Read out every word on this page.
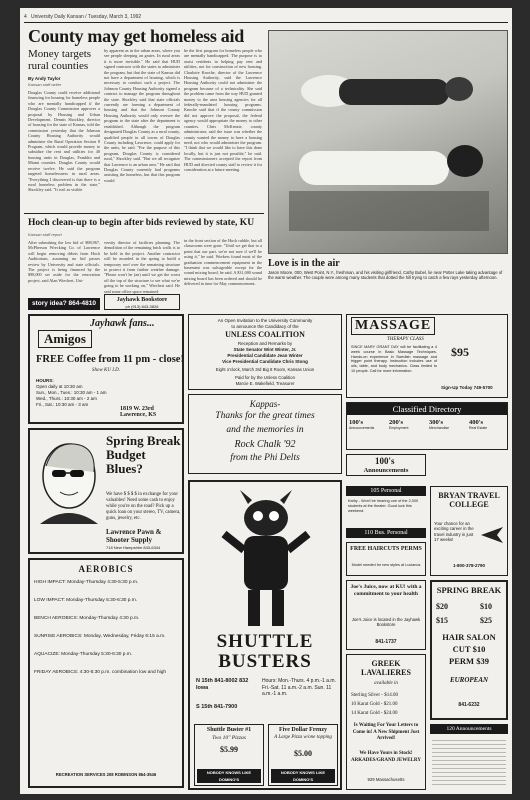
4 University Daily Kansan / Tuesday, March 3, 1992
County may get homeless aid
Money targets rural counties
By Andy Taylor
Kansan staff writer
Douglas County could receive additional financing for housing for homeless people who are mentally handicapped if the Douglas County Commission approves a proposal by Housing and Urban Development. Dennis Shockley, director of housing for the state of Kansas, told the commission yesterday that the Johnson County Housing Authority would administer the Rural Operation Section 8 Program, which would provide money to subsidize the rent and utilities for 40 housing units in Douglas, Franklin and Miami counties. Douglas County would receive twelve. He said the program targeted homelessness in rural areas. "Everything I discovered is that there is a rural homeless problem in the state," Shockley said. "It isn't as visible
by apparent as in the urban areas, where you see people sleeping on grates. In rural areas it is more invisible." He said that HUD signed contracts with the states to administer the program, but that the state of Kansas did not have a department of housing, which is necessary to conduct such a project. The Johnson County Housing Authority signed a contract to manage the program throughout the state. Shockley said that state officials currently are forming a department of housing and that the Johnson County Housing Authority would only oversee the program to the state after the department is established. Although the program designated Douglas County as a rural county, qualified people in all towns of Douglas County including Lawrence, could apply for the units, he said. "For the purpose of this program, Douglas County is considered rural," Shockley said. "But we all recognize that Lawrence is an urban area." He said that Douglas County currently had programs assisting the homeless, but that this program would
be the first program for homeless people who are mentally handicapped. The purpose is to assist residents in helping pay rent and utilities, not for construction of new housing. Charlotte Knoche, director of the Lawrence Housing Authority, said the Lawrence Housing Authority could not administer the program because of a technicality. She said the problem came from the way HUD granted money to the area housing agencies for all federally-mandated housing programs. Knoche said that if the county commission did not approve the proposal, the federal agency would appropriate the money to other counties. Chris McKenzie, county administrator, said the issue was whether the county wanted the money to have a housing need, not who would administer the program. "I think that we would like to have this done locally, but it is just not possible," he said. The commissioners accepted the report from HUD and directed county staff to review it for consideration at a future meeting.
Love is in the air
Jason Moore, 000, West Point, N.Y., freshman, and his visiting girlfriend, Cathy Bubel, lie near Potter Lake taking advantage of the warm weather. The couple were among many students that dotted the hill trying to catch a few rays yesterday afternoon.
Hoch clean-up to begin after bids reviewed by state, KU
Kansan staff report
After submitting the low bid of $98,967, McPherson Wrecking Co. of Lawrence will begin removing debris from Hoch Auditorium, assuming no bid passes review by University and state officials. The project is being financed by the $98,000 set aside for the renovation project, said Alan Wiechert, Uni-
versity director of facilities planning. The demolition of the remaining brick walls is to be held in the project. Another contractor will be awarded in the spring to build a temporary roof over the remaining structure to protect it from further weather damage. "Please won't be (an) until we get the worst off the top of the structure to see what we're going to be working on," Wiechert said. He said some office space remained
in the front section of the Hoch rubble, but all classrooms were gone. "Until we get that to a point that our part, we're not sure if we'll be using it," he said. Workers found most of the graduation commencement equipment in the basement was salvageable except for the sound mixing board, he said. A $31,000 sound mixing board has been ordered and should be delivered in time for May commencement.
Jayhawk Bookstore
ph (913) 843-3826
story idea? 864-4810
Jayhawk fans...
Amigos
FREE Coffee from 11 pm - close!
Show KU I.D.
HOURS:
Open daily at 10:30 am
Sun., Mon., Tues.: 10:30 am - 1 am
Wed., Thurs.: 10:30 am - 2 am
Fri., Sat.: 10:30 am - 3 am
1819 W. 23rd Lawrence, KS
An Open Invitation to the University Community
to announce the Candidacy of the
UNLESS COALITION
Reception and Remarks by
State Senator Wint Winter, Jr.
Presidential Candidate Jean Winter
Vice Presidential Candidate Chris Stong
Eight o'clock, March 3rd Big 8 Room, Kansas Union
Paid for by the Unless Coalition
Marcie E. Wakefield, Treasurer
MASSAGE
THERAPY CLASS
SINCE MARY GRANT DAY will be facilitating a 4 week course in Basic Massage Techniques. Hands-on experience in Swedish massage and trigger point therapy. Instruction includes use of oils, table, and body mechanics. Class limited to 10 people. Call for more information.
$95
Sign-Up Today 749-5700
Kappas-
Thanks for the great times
and the memories in
Rock Chalk '92
from the Phi Delts
Classified Directory
100's
Announcements
200's
Employment
300's
Merchandise
400's
Real Estate
Spring Break Budget Blues?
We have $ $ $ $ in exchange for your valuables! Need some cash to enjoy while you're on the road? Pick up a quick loan on your stereo, TV, camera, guns, jewelry, etc.
Lawrence Pawn & Shooter Supply
718 New Hampshire 843-6344
100's
Announcements
105 Personal
Kathy - Won't be hearing one of the 2,000 students at the theater. Good luck this weekend.
110 Bus. Personal
FREE HAIRCUTS PERMS
Model needed for new styles at Lucianos
BRYAN TRAVEL COLLEGE
Your chance for an exciting career in the travel industry in just 17 weeks!
1-800-378-2790
AEROBICS
HIGH IMPACT: Monday-Thursday 4:30-5:30 p.m.
LOW IMPACT: Monday-Thursday 5:30-6:30 p.m.
BENCH AEROBICS: Monday-Thursday 4:30 p.m.
SUNRISE AEROBICS: Monday, Wednesday, Friday 6:15 a.m.
AQUACIZE: Monday-Thursday 5:30-6:30 p.m.
FRIDAY AEROBICS: 4:30-5:30 p.m. combination low and high
RECREATION SERVICES 208 ROBINSON 864-3546
SHUTTLE BUSTERS
N 15th 841-8002 832 Iowa
S 15th 841-7900
Hours: Mon.-Thurs. 4 p.m.-1 a.m. Fri.-Sat. 11 a.m.-2 a.m. Sun. 11 a.m.-1 a.m.
Shuttle Buster #1
Two 10" Pizzas
$5.99
NOBODY KNOWS LIKE DOMINO'S
Five Dollar Frenzy
A Large Pizza w/one topping
$5.00
NOBODY KNOWS LIKE DOMINO'S
Joe's Juice, now at KU! with a commitment to your health
Joe's Juice is located in the Jayhawk Bookstore
841-1737
GREEK LAVALIERES
available in
Sterling Silver - $14.00
10 Karat Gold - $21.00
14 Karat Gold - $24.00
Is Waiting For Your Letters to Come in! A New Shipment Just Arrived!
We Have Yours in Stock! ARKADES/GRAND JEWELRY
929 Massachusetts
SPRING BREAK
$20	$10
$15	$25
HAIR SALON
CUT $10
PERM $39
EUROPEAN
841-6232
120 Announcements
